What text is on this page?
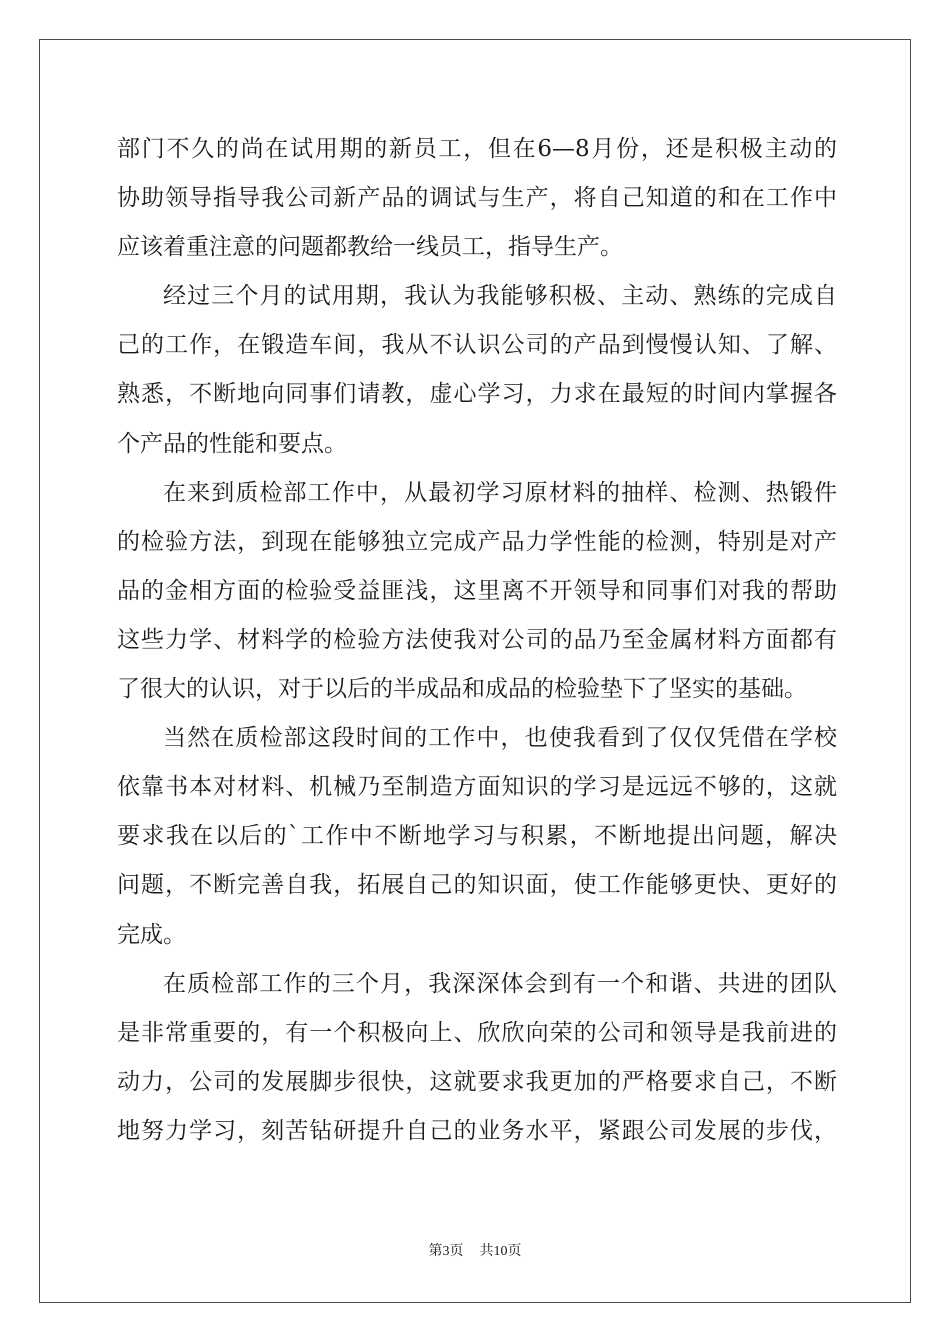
部门不久的尚在试用期的新员工，但在6—8月份，还是积极主动的
协助领导指导我公司新产品的调试与生产，将自己知道的和在工作中
应该着重注意的问题都教给一线员工，指导生产。
经过三个月的试用期，我认为我能够积极、主动、熟练的完成自
己的工作，在锻造车间，我从不认识公司的产品到慢慢认知、了解、
熟悉，不断地向同事们请教，虚心学习，力求在最短的时间内掌握各
个产品的性能和要点。
在来到质检部工作中，从最初学习原材料的抽样、检测、热锻件
的检验方法，到现在能够独立完成产品力学性能的检测，特别是对产
品的金相方面的检验受益匪浅，这里离不开领导和同事们对我的帮助
这些力学、材料学的检验方法使我对公司的品乃至金属材料方面都有
了很大的认识，对于以后的半成品和成品的检验垫下了坚实的基础。
当然在质检部这段时间的工作中，也使我看到了仅仅凭借在学校
依靠书本对材料、机械乃至制造方面知识的学习是远远不够的，这就
要求我在以后的`工作中不断地学习与积累，不断地提出问题，解决
问题，不断完善自我，拓展自己的知识面，使工作能够更快、更好的
完成。
在质检部工作的三个月，我深深体会到有一个和谐、共进的团队
是非常重要的，有一个积极向上、欣欣向荣的公司和领导是我前进的
动力，公司的发展脚步很快，这就要求我更加的严格要求自己，不断
地努力学习，刻苦钻研提升自己的业务水平，紧跟公司发展的步伐，
第3页 共10页
